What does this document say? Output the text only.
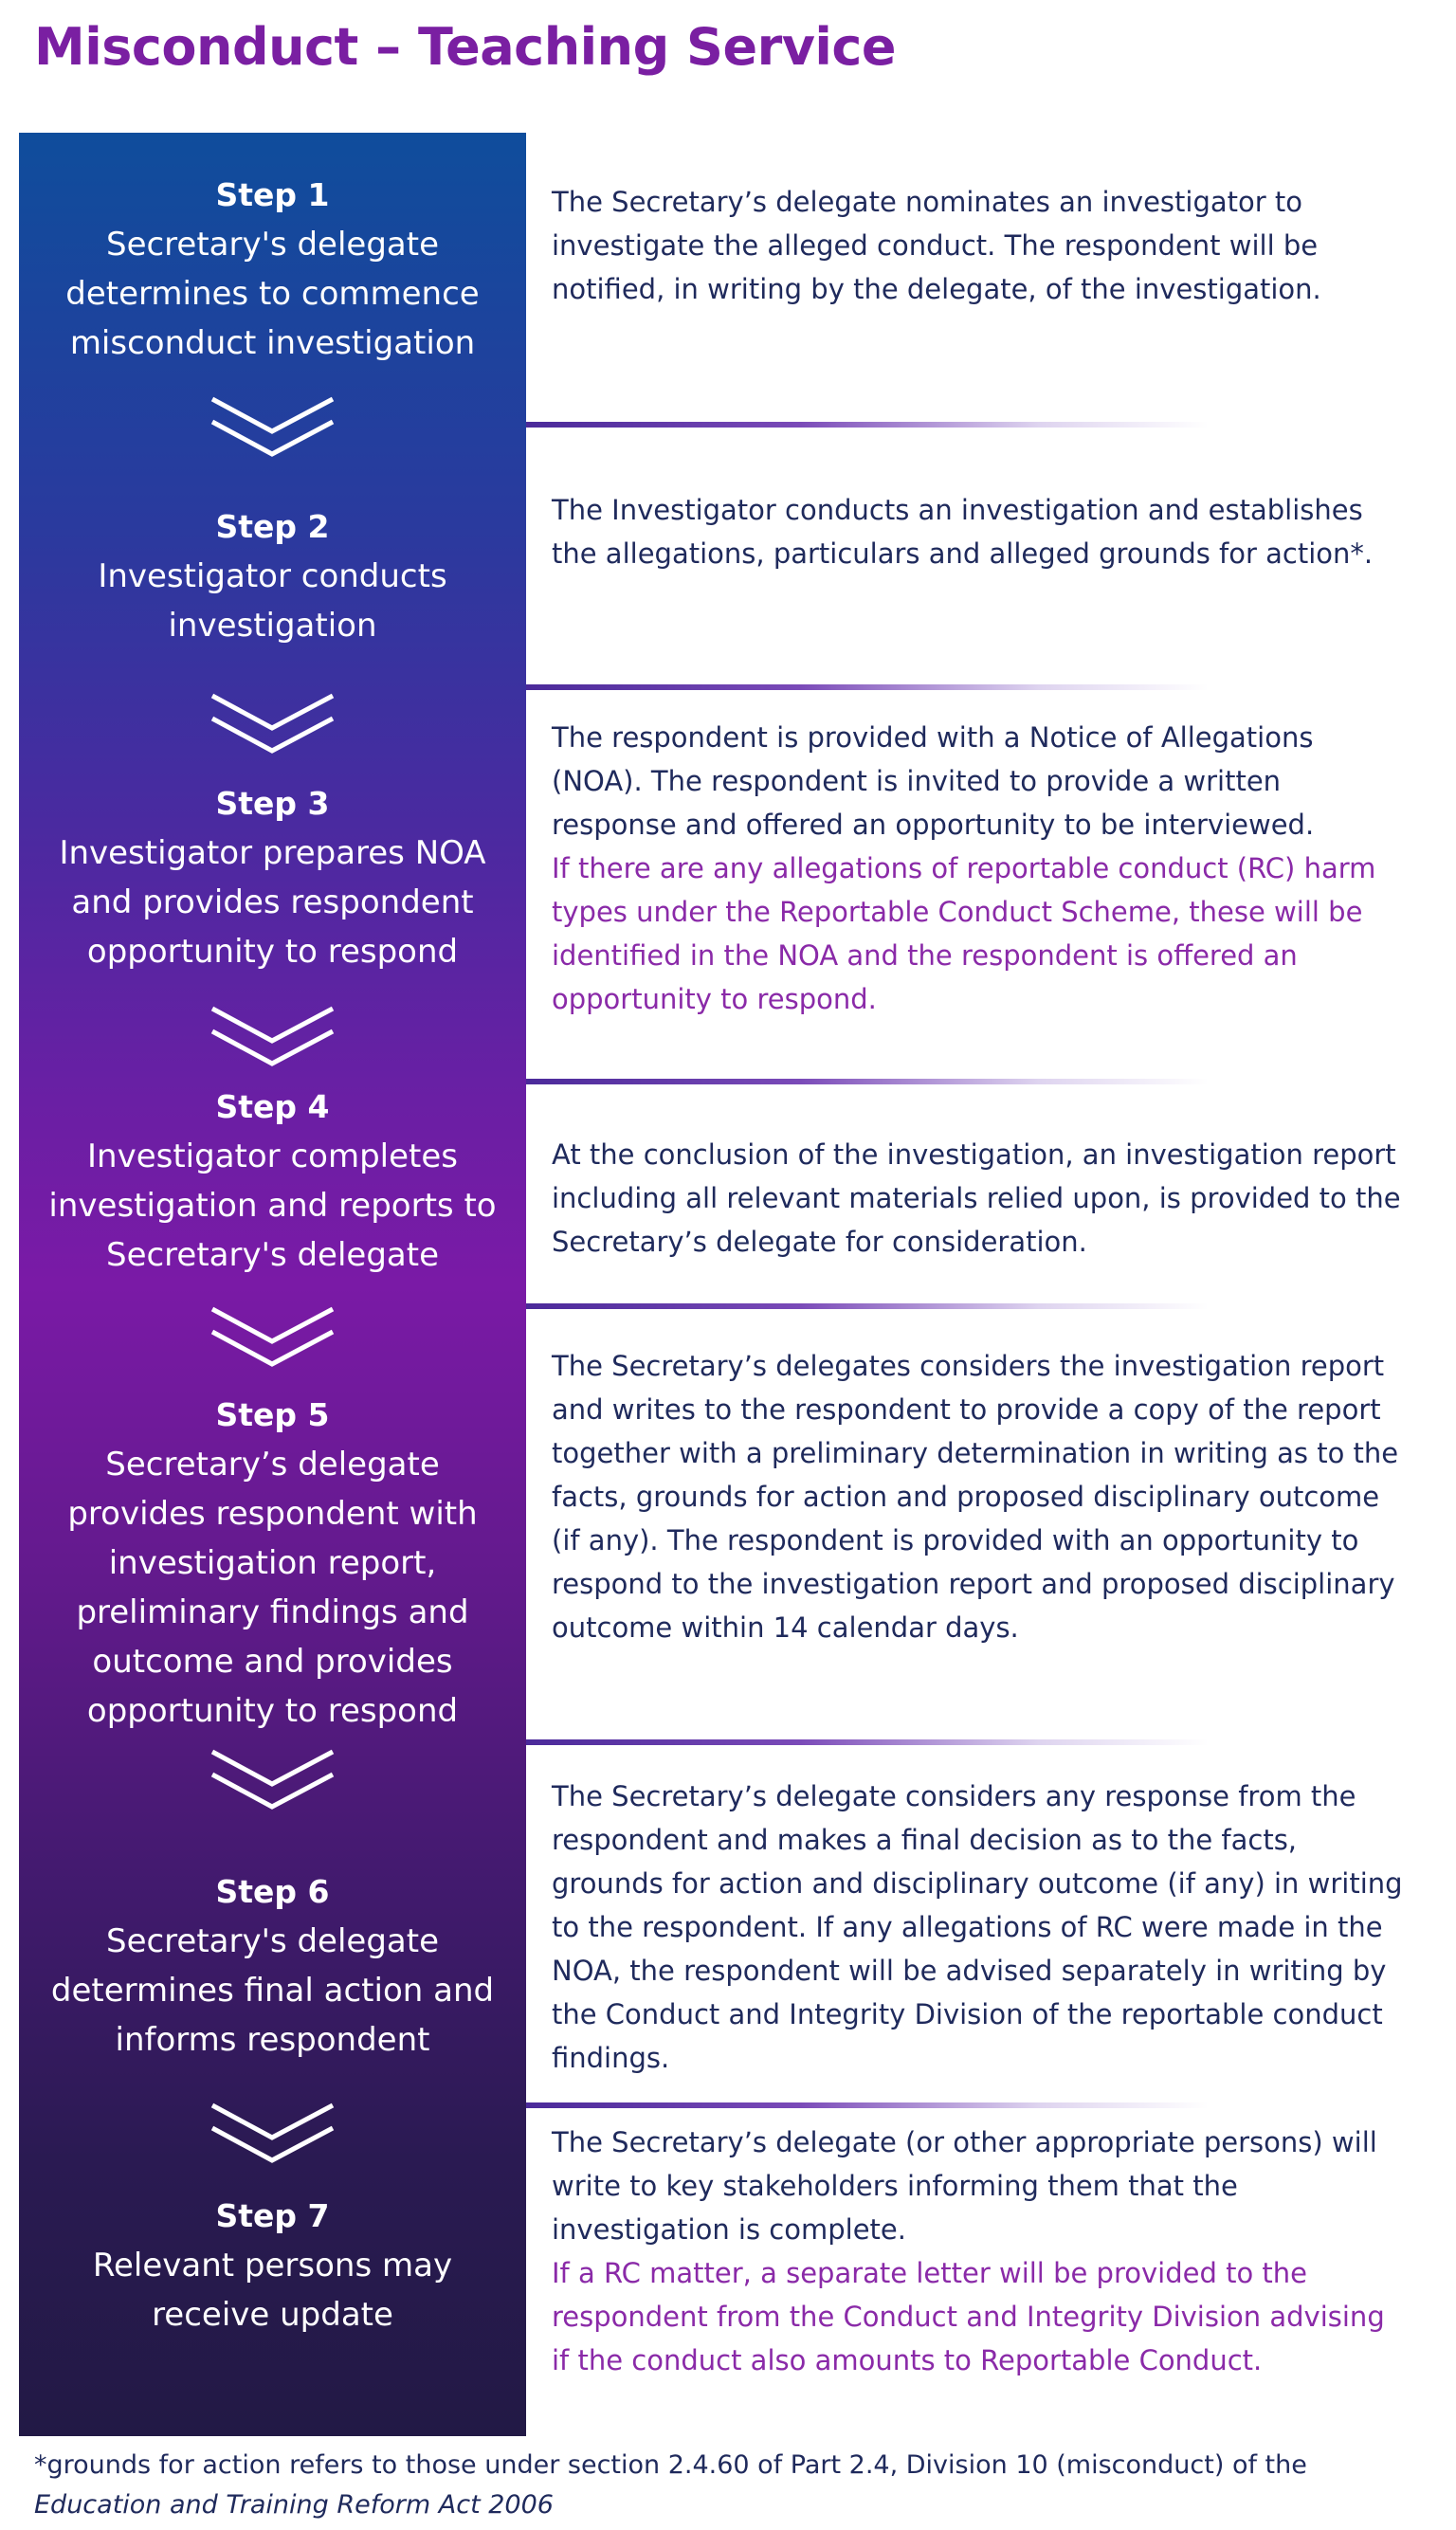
Misconduct – Teaching Service
Step 1
Secretary's delegate determines to commence misconduct investigation

The Secretary’s delegate nominates an investigator to investigate the alleged conduct. The respondent will be notified, in writing by the delegate, of the investigation.

Step 2
Investigator conducts investigation

The Investigator conducts an investigation and establishes the allegations, particulars and alleged grounds for action*.

Step 3
Investigator prepares NOA and provides respondent opportunity to respond

The respondent is provided with a Notice of Allegations (NOA). The respondent is invited to provide a written response and offered an opportunity to be interviewed.

If there are any allegations of reportable conduct (RC) harm types under the Reportable Conduct Scheme, these will be identified in the NOA and the respondent is offered an opportunity to respond.

Step 4
Investigator completes investigation and reports to Secretary's delegate

At the conclusion of the investigation, an investigation report including all relevant materials relied upon, is provided to the Secretary’s delegate for consideration.

Step 5
Secretary’s delegate provides respondent with investigation report, preliminary findings and outcome and provides opportunity to respond

The Secretary’s delegates considers the investigation report and writes to the respondent to provide a copy of the report together with a preliminary determination in writing as to the facts, grounds for action and proposed disciplinary outcome (if any). The respondent is provided with an opportunity to respond to the investigation report and proposed disciplinary outcome within 14 calendar days.

Step 6
Secretary's delegate determines final action and informs respondent

The Secretary’s delegate considers any response from the respondent and makes a final decision as to the facts, grounds for action and disciplinary outcome (if any) in writing to the respondent. If any allegations of RC were made in the NOA, the respondent will be advised separately in writing by the Conduct and Integrity Division of the reportable conduct findings.

Step 7
Relevant persons may receive update

The Secretary’s delegate (or other appropriate persons) will write to key stakeholders informing them that the investigation is complete.

If a RC matter, a separate letter will be provided to the respondent from the Conduct and Integrity Division advising if the conduct also amounts to Reportable Conduct.

*grounds for action refers to those under section 2.4.60 of Part 2.4, Division 10 (misconduct) of the Education and Training Reform Act 2006
